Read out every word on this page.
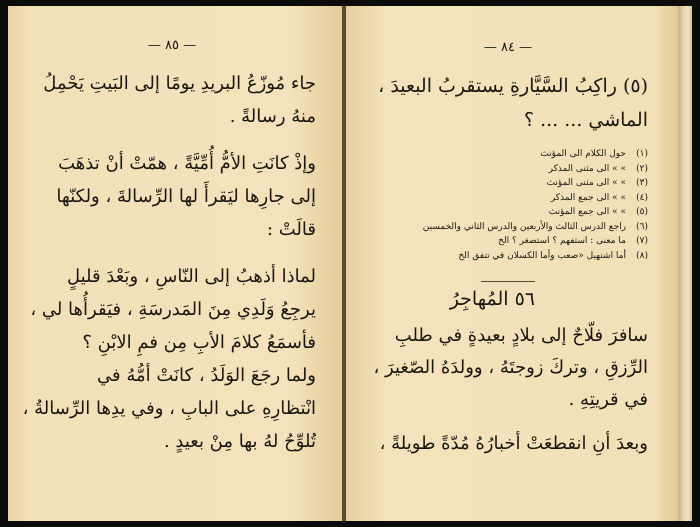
— ٨٥ —

جاء مُوزّعُ البريدِ يومًا إلى البَيتِ يَحْمِلُ

منهُ رسالةً .

وإذْ كانَتِ الأمُّ أُمِّيَّةً ، همّتْ أنْ تذهَبَ

إلى جارِها ليَقرأَ لها الرِّسالةَ ، ولكنّها

قالَتْ :

لماذا أذهبُ إلى النّاسِ ، وبَعْدَ قليلٍ

يرجِعُ وَلَدِي مِنَ المَدرسَةِ ، فيَقرأُها لي ،

فأسمَعُ كلامَ الأبِ مِن فمِ الابْنِ ؟

ولما رجَعَ الوَلَدُ ، كانَتْ أمُّهُ في

انْتظارِهِ على البابِ ، وفي يدِها الرِّسالةُ ،

تُلوِّحُ لهُ بها مِنْ بعيدٍ .

— ٨٤ —

(٥) راكِبُ السَّيَّارةِ يستقربُ البعيدَ ،

الماشي ... ... ؟

(١)حول الكلام الى المؤنث
(٢)» » الى مثنى المذكر
(٣)» » الى مثنى المؤنث
(٤)» » الى جمع المذكر
(٥)» » الى جمع المؤنث
(٦)راجع الدرس الثالث والأربعين والدرس الثاني والخمسين
(٧)ما معنى : استفهم ؟ استصغر ؟ الخ
(٨)أما اشتهيل «صعب وأما الكسلان في تتفق الخ
٥٦ المُهاجِرُ

سافرَ فلّاحٌ إلى بلادٍ بعيدةٍ في طلبِ

الرِّزقِ ، وتركَ زوجتَهُ ، وولدَهُ الصّغيرَ ،

في قريتِهِ .

وبعدَ أنِ انقطعَتْ أخبارُهُ مُدّةً طويلةً ،
